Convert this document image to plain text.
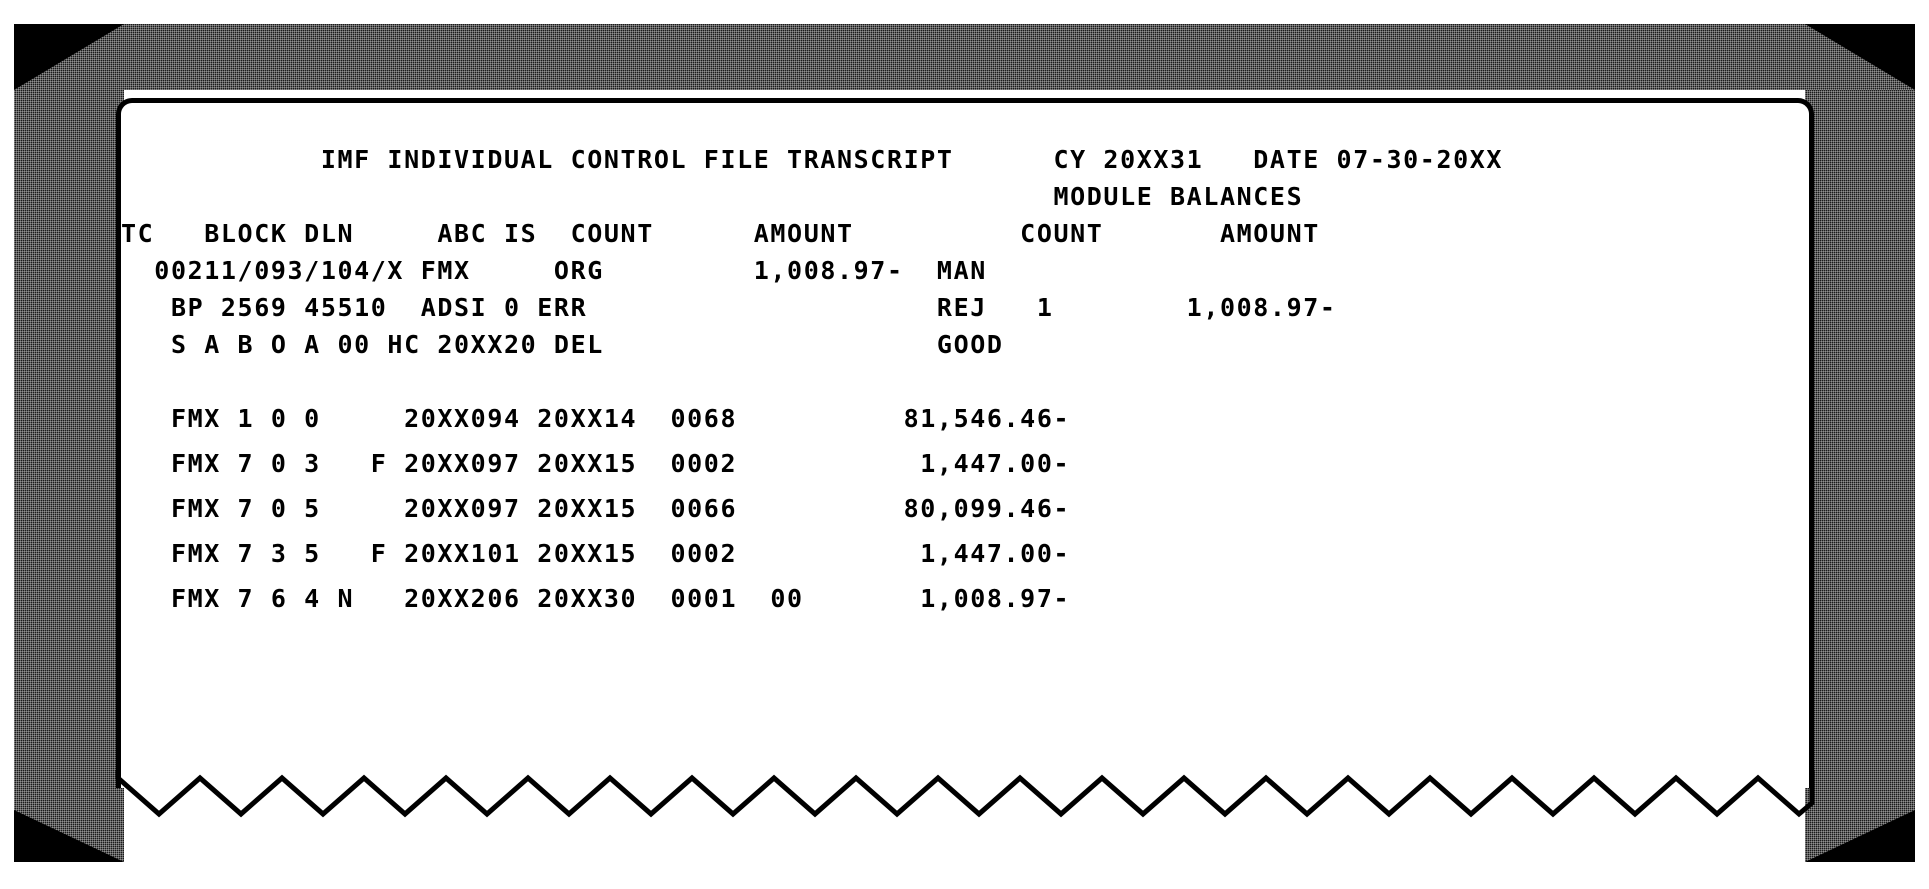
IMF INDIVIDUAL CONTROL FILE TRANSCRIPT      CY 20XX31   DATE 07-30-20XX

MODULE BALANCES

TC   BLOCK DLN     ABC IS  COUNT      AMOUNT          COUNT       AMOUNT

00211/093/104/X FMX     ORG         1,008.97-  MAN

BP 2569 45510  ADSI 0 ERR                     REJ   1        1,008.97-

S A B O A 00 HC 20XX20 DEL                    GOOD

FMX 1 0 0     20XX094 20XX14  0068          81,546.46-

FMX 7 0 3   F 20XX097 20XX15  0002           1,447.00-

FMX 7 0 5     20XX097 20XX15  0066          80,099.46-

FMX 7 3 5   F 20XX101 20XX15  0002           1,447.00-

FMX 7 6 4 N   20XX206 20XX30  0001  00       1,008.97-
